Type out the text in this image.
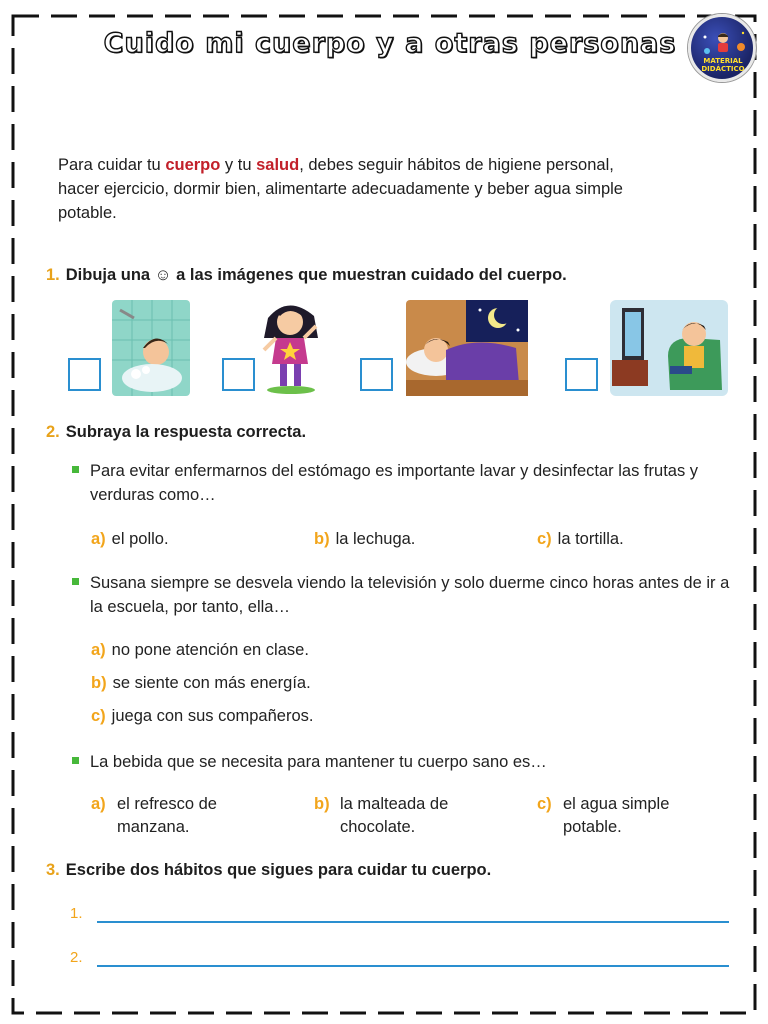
Cuido mi cuerpo y a otras personas
MATERIAL
DIDÁCTICO

Para cuidar tu cuerpo y tu salud, debes seguir hábitos de higiene personal, hacer ejercicio, dormir bien, alimentarte adecuadamente y beber agua simple potable.

1. Dibuja una ☺ a las imágenes que muestran cuidado del cuerpo.
2. Subraya la respuesta correcta.
Para evitar enfermarnos del estómago es importante lavar y desinfectar las frutas y verduras como…
a) el pollo.	b) la lechuga.	c) la tortilla.
Susana siempre se desvela viendo la televisión y solo duerme cinco horas antes de ir a la escuela, por tanto, ella…
a) no pone atención en clase.
b) se siente con más energía.
c) juega con sus compañeros.
La bebida que se necesita para mantener tu cuerpo sano es…
a) el refresco de
manzana.
b) la malteada de
chocolate.
c) el agua simple
potable.
3. Escribe dos hábitos que sigues para cuidar tu cuerpo.
1.
2.
